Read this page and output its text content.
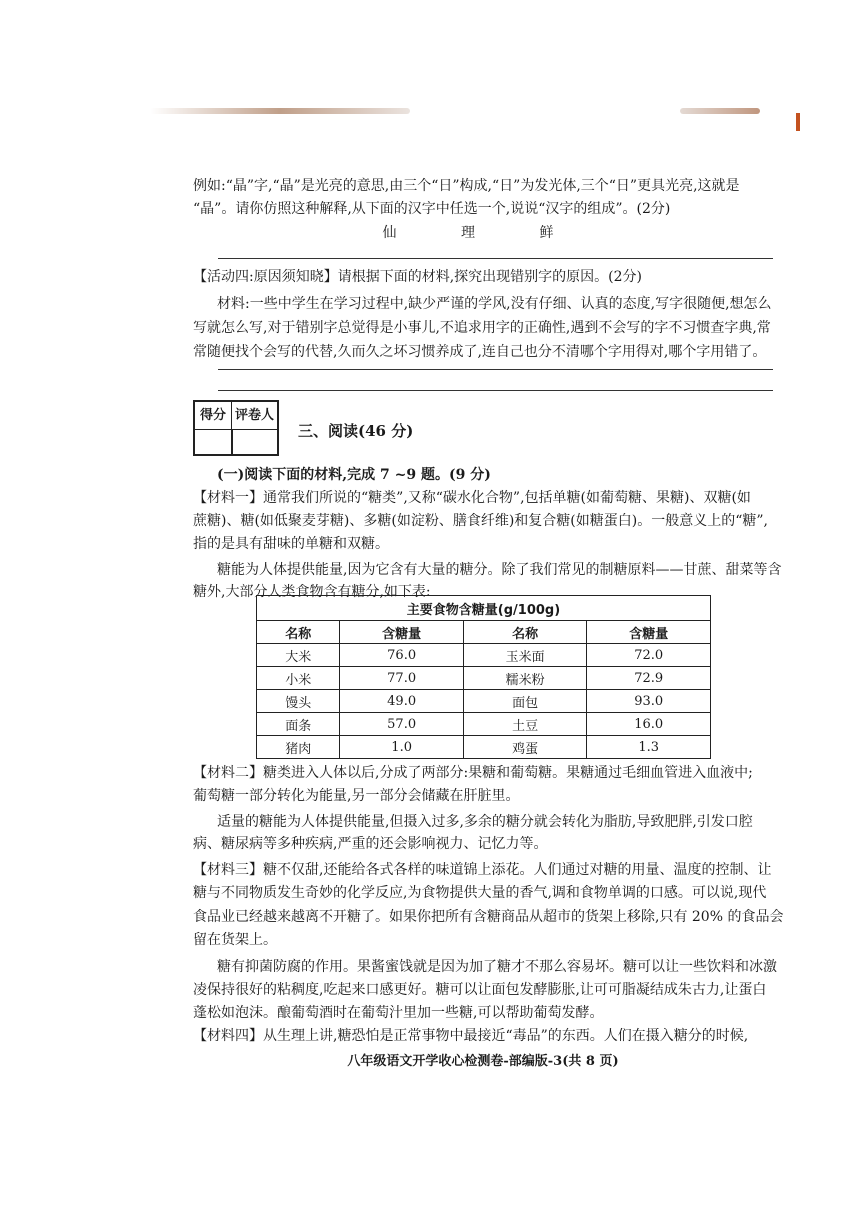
例如:“晶”字,“晶”是光亮的意思,由三个“日”构成,“日”为发光体,三个“日”更具光亮,这就是

“晶”。请你仿照这种解释,从下面的汉字中任选一个,说说“汉字的组成”。(2分)

仙 理 鲜

【活动四:原因须知晓】请根据下面的材料,探究出现错别字的原因。(2分)

材料:一些中学生在学习过程中,缺少严谨的学风,没有仔细、认真的态度,写字很随便,想怎么

写就怎么写,对于错别字总觉得是小事儿,不追求用字的正确性,遇到不会写的字不习惯查字典,常

常随便找个会写的代替,久而久之坏习惯养成了,连自己也分不清哪个字用得对,哪个字用错了。

得分 评卷人
三、阅读(46 分)

(一)阅读下面的材料,完成 7 ~9 题。(9 分)

【材料一】通常我们所说的“糖类”,又称“碳水化合物”,包括单糖(如葡萄糖、果糖)、双糖(如

蔗糖)、糖(如低聚麦芽糖)、多糖(如淀粉、膳食纤维)和复合糖(如糖蛋白)。一般意义上的“糖”,

指的是具有甜味的单糖和双糖。

糖能为人体提供能量,因为它含有大量的糖分。除了我们常见的制糖原料——甘蔗、甜菜等含

糖外,大部分人类食物含有糖分,如下表:

主要食物含糖量(g/100g)			
名称	含糖量	名称	含糖量
大米	76.0	玉米面	72.0
小米	77.0	糯米粉	72.9
馒头	49.0	面包	93.0
面条	57.0	土豆	16.0
猪肉	1.0	鸡蛋	1.3

【材料二】糖类进入人体以后,分成了两部分:果糖和葡萄糖。果糖通过毛细血管进入血液中;

葡萄糖一部分转化为能量,另一部分会储藏在肝脏里。

适量的糖能为人体提供能量,但摄入过多,多余的糖分就会转化为脂肪,导致肥胖,引发口腔

病、糖尿病等多种疾病,严重的还会影响视力、记忆力等。

【材料三】糖不仅甜,还能给各式各样的味道锦上添花。人们通过对糖的用量、温度的控制、让

糖与不同物质发生奇妙的化学反应,为食物提供大量的香气,调和食物单调的口感。可以说,现代

食品业已经越来越离不开糖了。如果你把所有含糖商品从超市的货架上移除,只有 20% 的食品会

留在货架上。

糖有抑菌防腐的作用。果酱蜜饯就是因为加了糖才不那么容易坏。糖可以让一些饮料和冰激

凌保持很好的粘稠度,吃起来口感更好。糖可以让面包发酵膨胀,让可可脂凝结成朱古力,让蛋白

蓬松如泡沫。酿葡萄酒时在葡萄汁里加一些糖,可以帮助葡萄发酵。

【材料四】从生理上讲,糖恐怕是正常事物中最接近“毒品”的东西。人们在摄入糖分的时候,

八年级语文开学收心检测卷-部编版-3(共 8 页)
